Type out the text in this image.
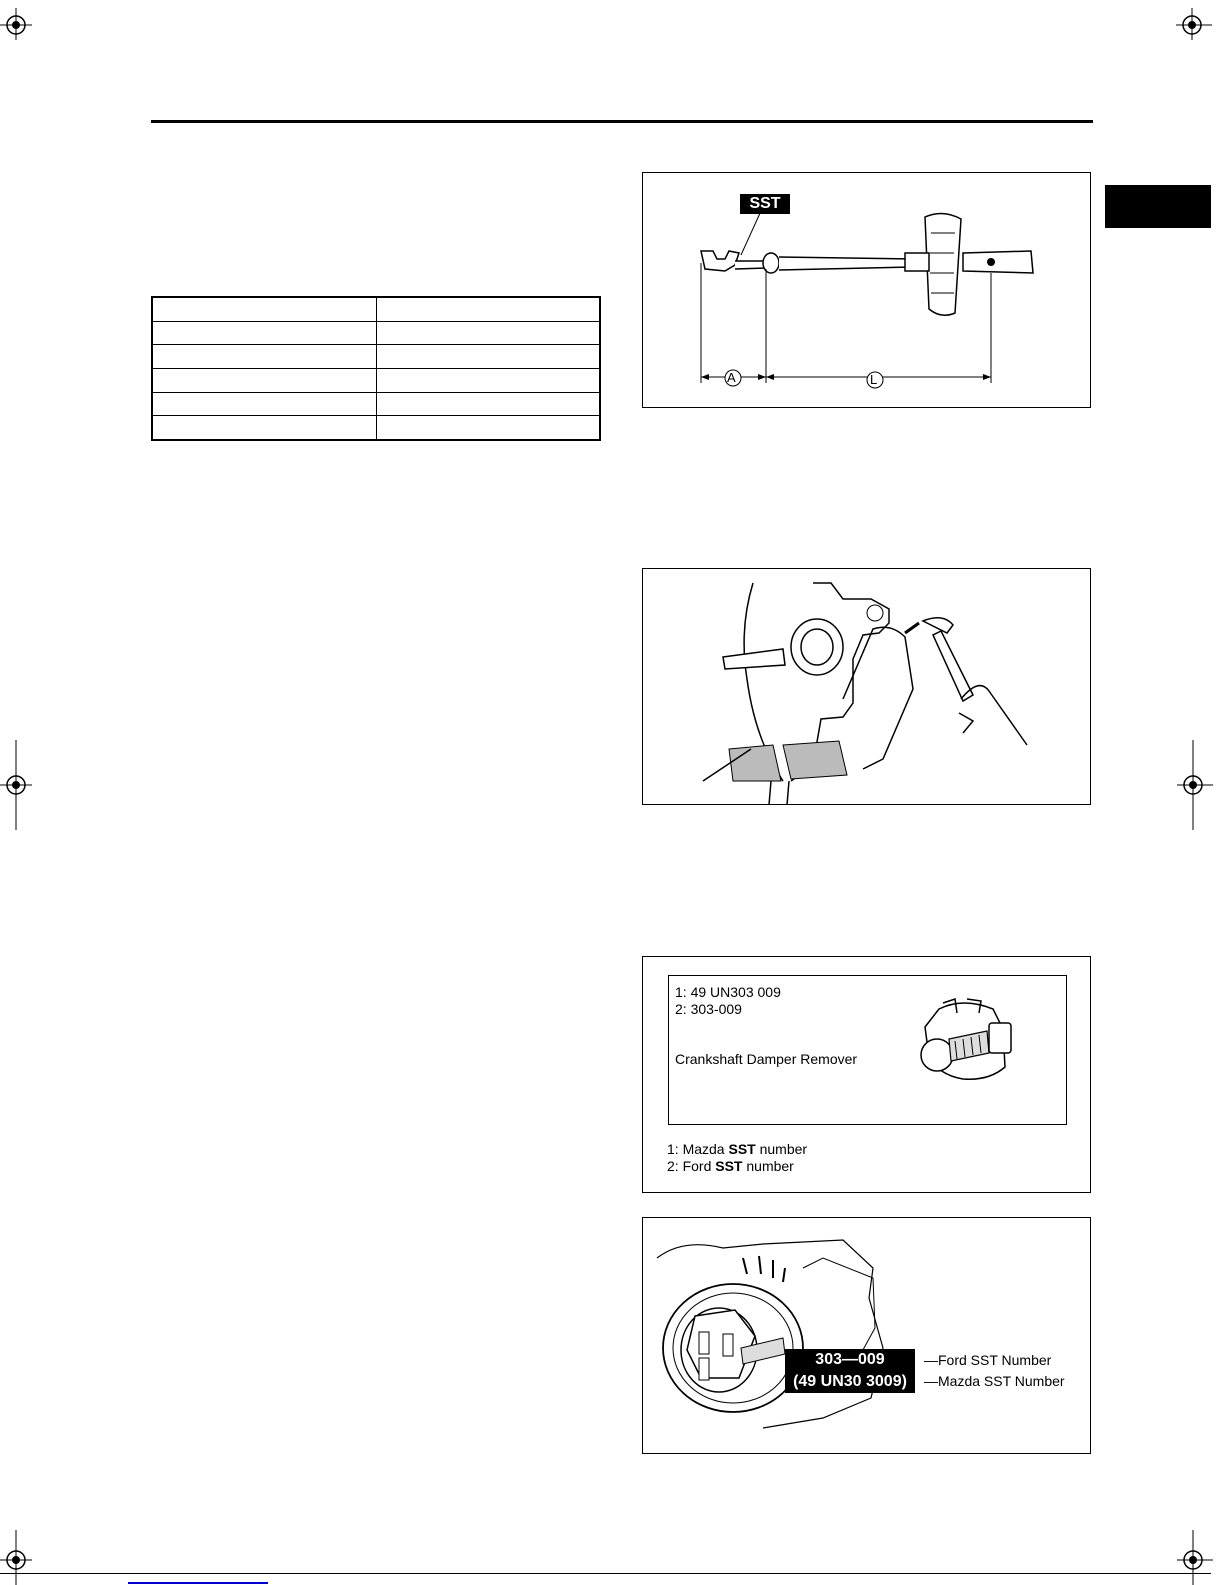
SST
A	L
1: 49 UN303 009
2: 303-009
Crankshaft Damper Remover
1: Mazda SST number
2: Ford SST number
303—009
(49 UN30 3009)
—Ford SST Number
—Mazda SST Number
